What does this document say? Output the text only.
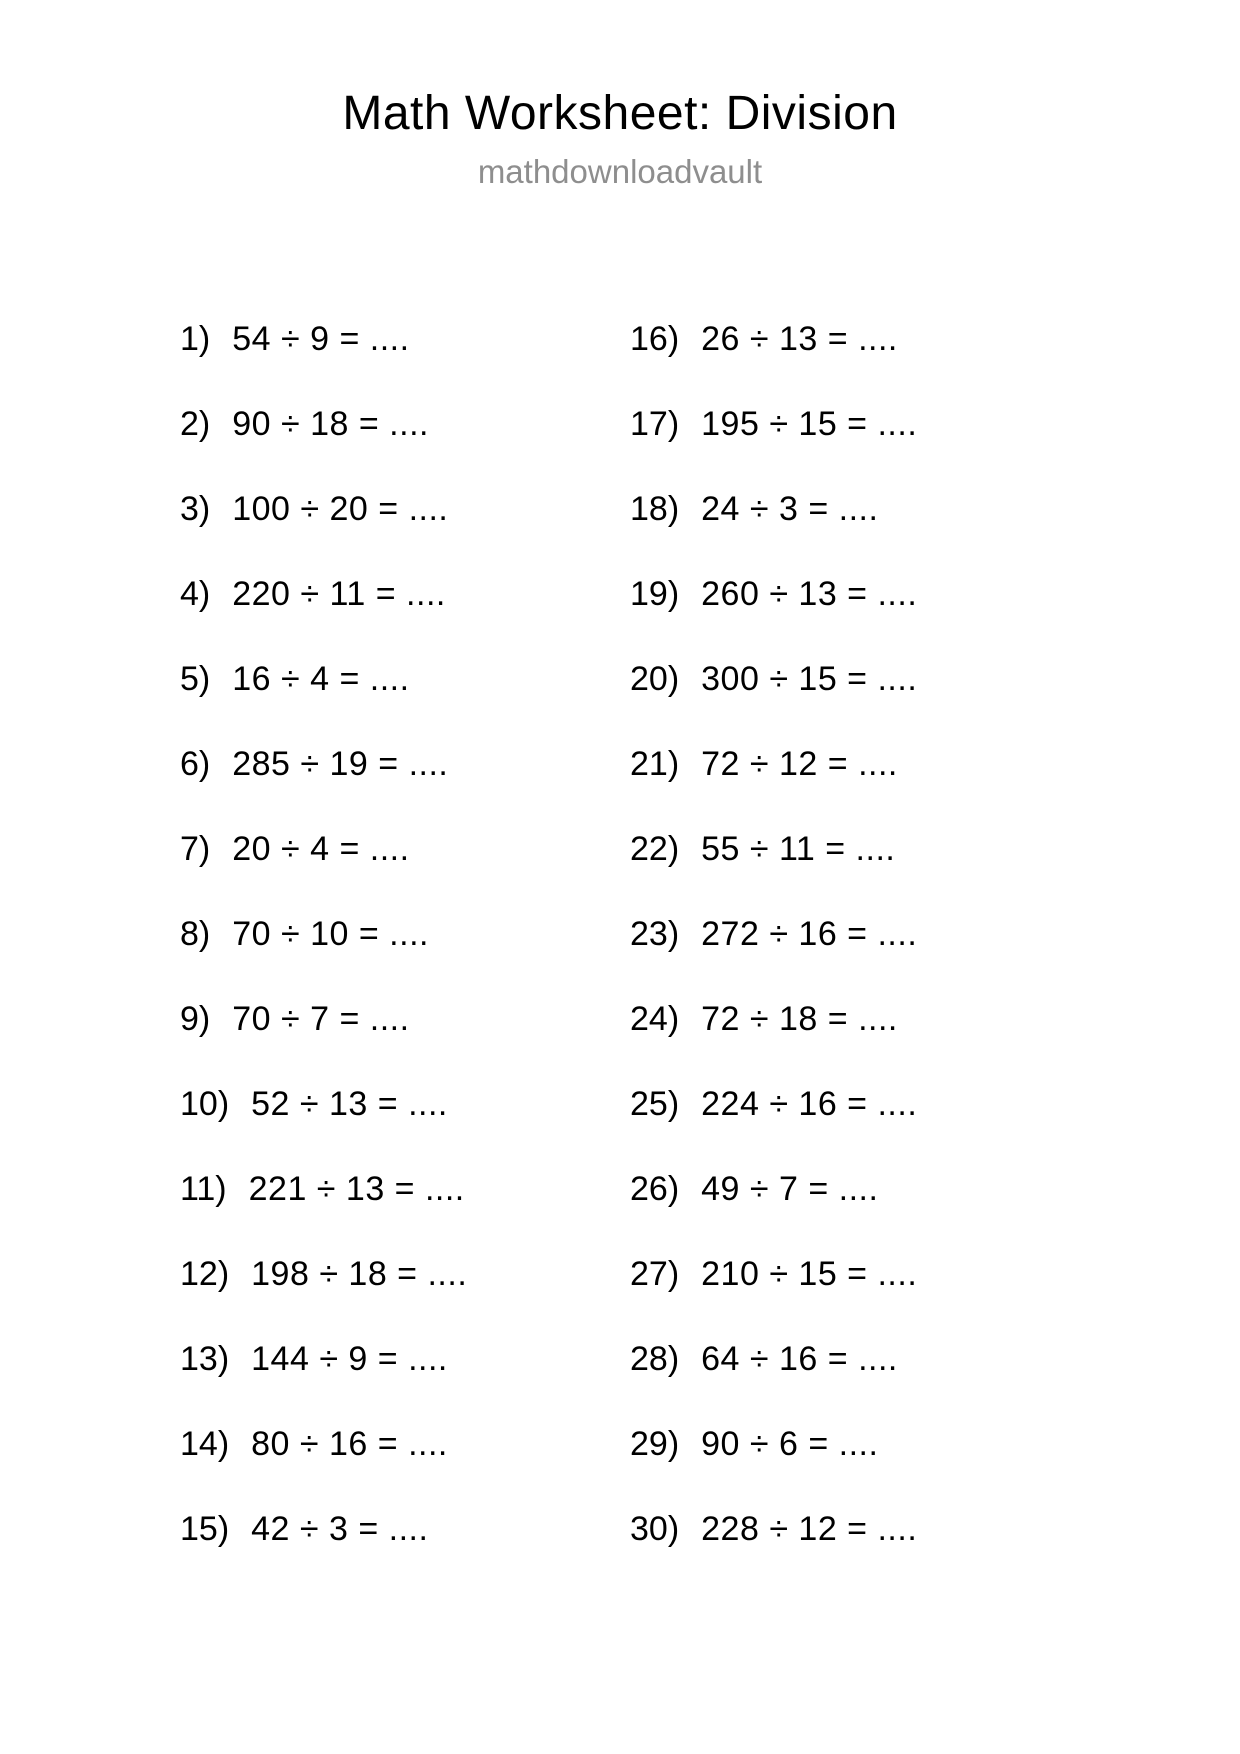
Math Worksheet: Division
mathdownloadvault
1) 54 ÷ 9 = ....
2) 90 ÷ 18 = ....
3) 100 ÷ 20 = ....
4) 220 ÷ 11 = ....
5) 16 ÷ 4 = ....
6) 285 ÷ 19 = ....
7) 20 ÷ 4 = ....
8) 70 ÷ 10 = ....
9) 70 ÷ 7 = ....
10) 52 ÷ 13 = ....
11) 221 ÷ 13 = ....
12) 198 ÷ 18 = ....
13) 144 ÷ 9 = ....
14) 80 ÷ 16 = ....
15) 42 ÷ 3 = ....
16) 26 ÷ 13 = ....
17) 195 ÷ 15 = ....
18) 24 ÷ 3 = ....
19) 260 ÷ 13 = ....
20) 300 ÷ 15 = ....
21) 72 ÷ 12 = ....
22) 55 ÷ 11 = ....
23) 272 ÷ 16 = ....
24) 72 ÷ 18 = ....
25) 224 ÷ 16 = ....
26) 49 ÷ 7 = ....
27) 210 ÷ 15 = ....
28) 64 ÷ 16 = ....
29) 90 ÷ 6 = ....
30) 228 ÷ 12 = ....
